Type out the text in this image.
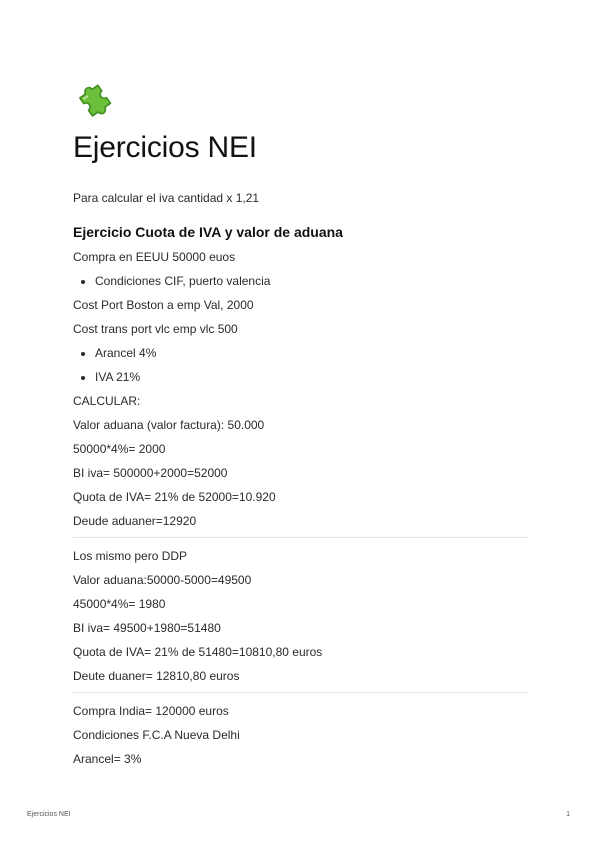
Ejercicios NEI

Para calcular el iva cantidad x 1,21

Ejercicio Cuota de IVA y valor de aduana

Compra en EEUU 50000 euos

• Condiciones CIF, puerto valencia

Cost Port Boston a emp Val, 2000

Cost trans port vlc emp vlc 500

• Arancel 4%
• IVA 21%

CALCULAR:

Valor aduana (valor factura): 50.000

50000*4%= 2000

BI iva= 500000+2000=52000

Quota de IVA= 21% de 52000=10.920

Deude aduaner=12920

Los mismo pero DDP

Valor aduana:50000-5000=49500

45000*4%= 1980

BI iva= 49500+1980=51480

Quota de IVA= 21% de 51480=10810,80 euros

Deute duaner= 12810,80 euros

Compra India= 120000 euros

Condiciones F.C.A Nueva Delhi

Arancel= 3%

Ejercicios NEI	1
